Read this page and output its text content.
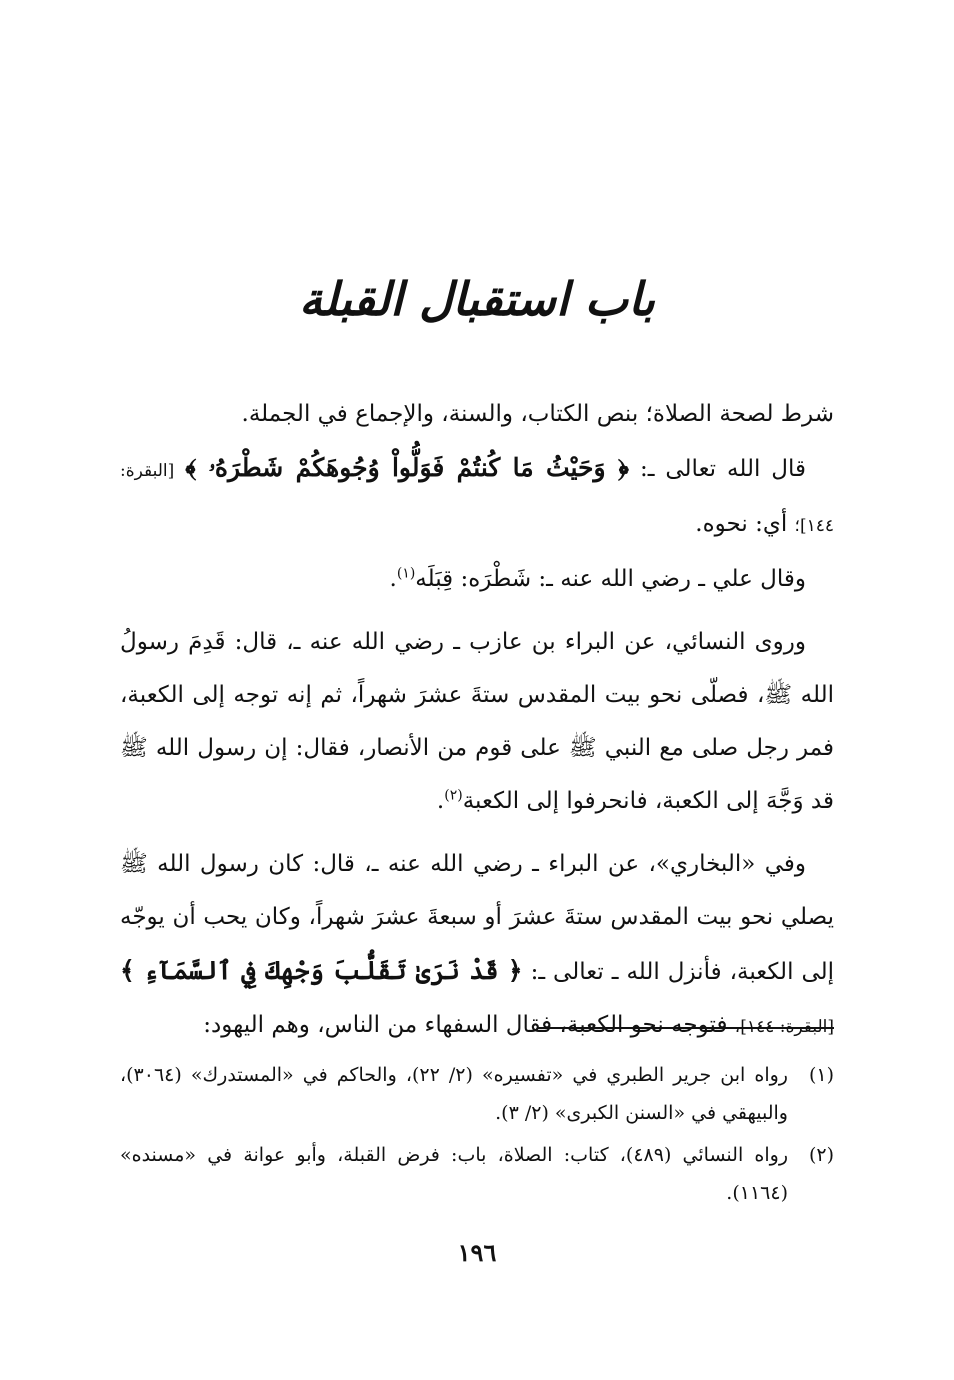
باب استقبال القبلة

شرط لصحة الصلاة؛ بنص الكتاب، والسنة، والإجماع في الجملة.

قال الله تعالى ـ: ﴿ وَحَيْثُ مَا كُنتُمْ فَوَلُّواْ وُجُوهَكُمْ شَطْرَهُۥ ﴾ [البقرة: ١٤٤]؛ أي: نحوه.

وقال علي ـ رضي الله عنه ـ: شَطْرَه: قِبَلَه$^{(١)}$.

وروى النسائي، عن البراء بن عازب ـ رضي الله عنه ـ، قال: قَدِمَ رسولُ الله ﷺ، فصلّى نحو بيت المقدس ستةَ عشرَ شهراً، ثم إنه توجه إلى الكعبة، فمر رجل صلى مع النبي ﷺ على قوم من الأنصار، فقال: إن رسول الله ﷺ قد وَجَّهَ إلى الكعبة، فانحرفوا إلى الكعبة$^{(٢)}$.

وفي «البخاري»، عن البراء ـ رضي الله عنه ـ، قال: كان رسول الله ﷺ يصلي نحو بيت المقدس ستةَ عشرَ أو سبعةَ عشرَ شهراً، وكان يحب أن يوجّه إلى الكعبة، فأنزل الله ـ تعالى ـ: ﴿ قَدْ نَرَىٰ تَقَلُّبَ وَجْهِكَ فِي ٱلسَّمَآءِ ﴾ [البقرة: ١٤٤]، فتوجه نحو الكعبة، فقال السفهاء من الناس، وهم اليهود:

(١)
رواه ابن جرير الطبري في «تفسيره» (٢/ ٢٢)، والحاكم في «المستدرك» (٣٠٦٤)، والبيهقي في «السنن الكبرى» (٢/ ٣).
(٢)
رواه النسائي (٤٨٩)، كتاب: الصلاة، باب: فرض القبلة، وأبو عوانة في «مسنده» (١١٦٤).
١٩٦
